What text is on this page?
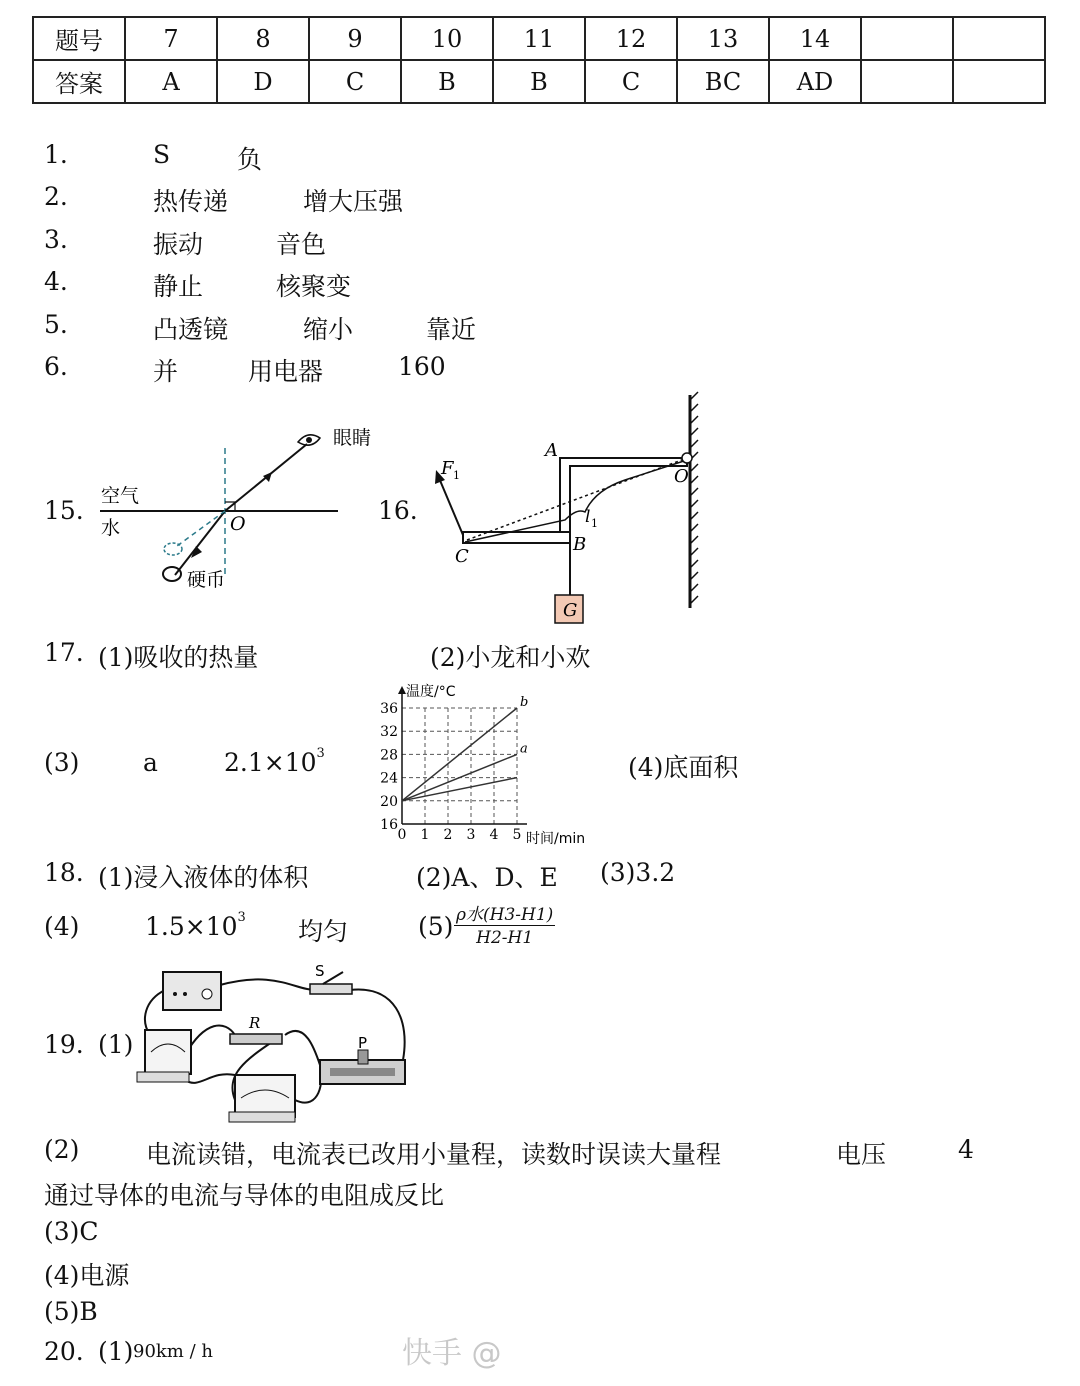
题号	7	8	9	10	11	12	13	14		
答案	A	D	C	B	B	C	BC	AD		
1.	S	负
2.	热传递	增大压强
3.	振动	音色
4.	静止	核聚变
5.	凸透镜	缩小	靠近
6.	并	用电器	160
15. 空气
水	O
眼睛
硬币
16.
G
F 1
A
B
C
O
l 1
17. (1)吸收的热量	(2)小龙和小欢
(3)	a	$2.1\times 10^3$	(4)底面积
b
a
16
20
24
28
32
36
0 1 2 3 4 5
温度/°C
时间/min
18. (1)浸入液体的体积	(2)A、D、E (3)3.2
(4)	$1.5\times 10^3$ 均匀	(5) ρ水(H3-H1)
H2-H1
19. (1)
S
R
P
(2)	电流读错，电流表已改用小量程，读数时误读大量程	电压	4
通过导体的电流与导体的电阻成反比
(3)C
(4)电源
(5)B
20. (1) 90km / h	快手 @
